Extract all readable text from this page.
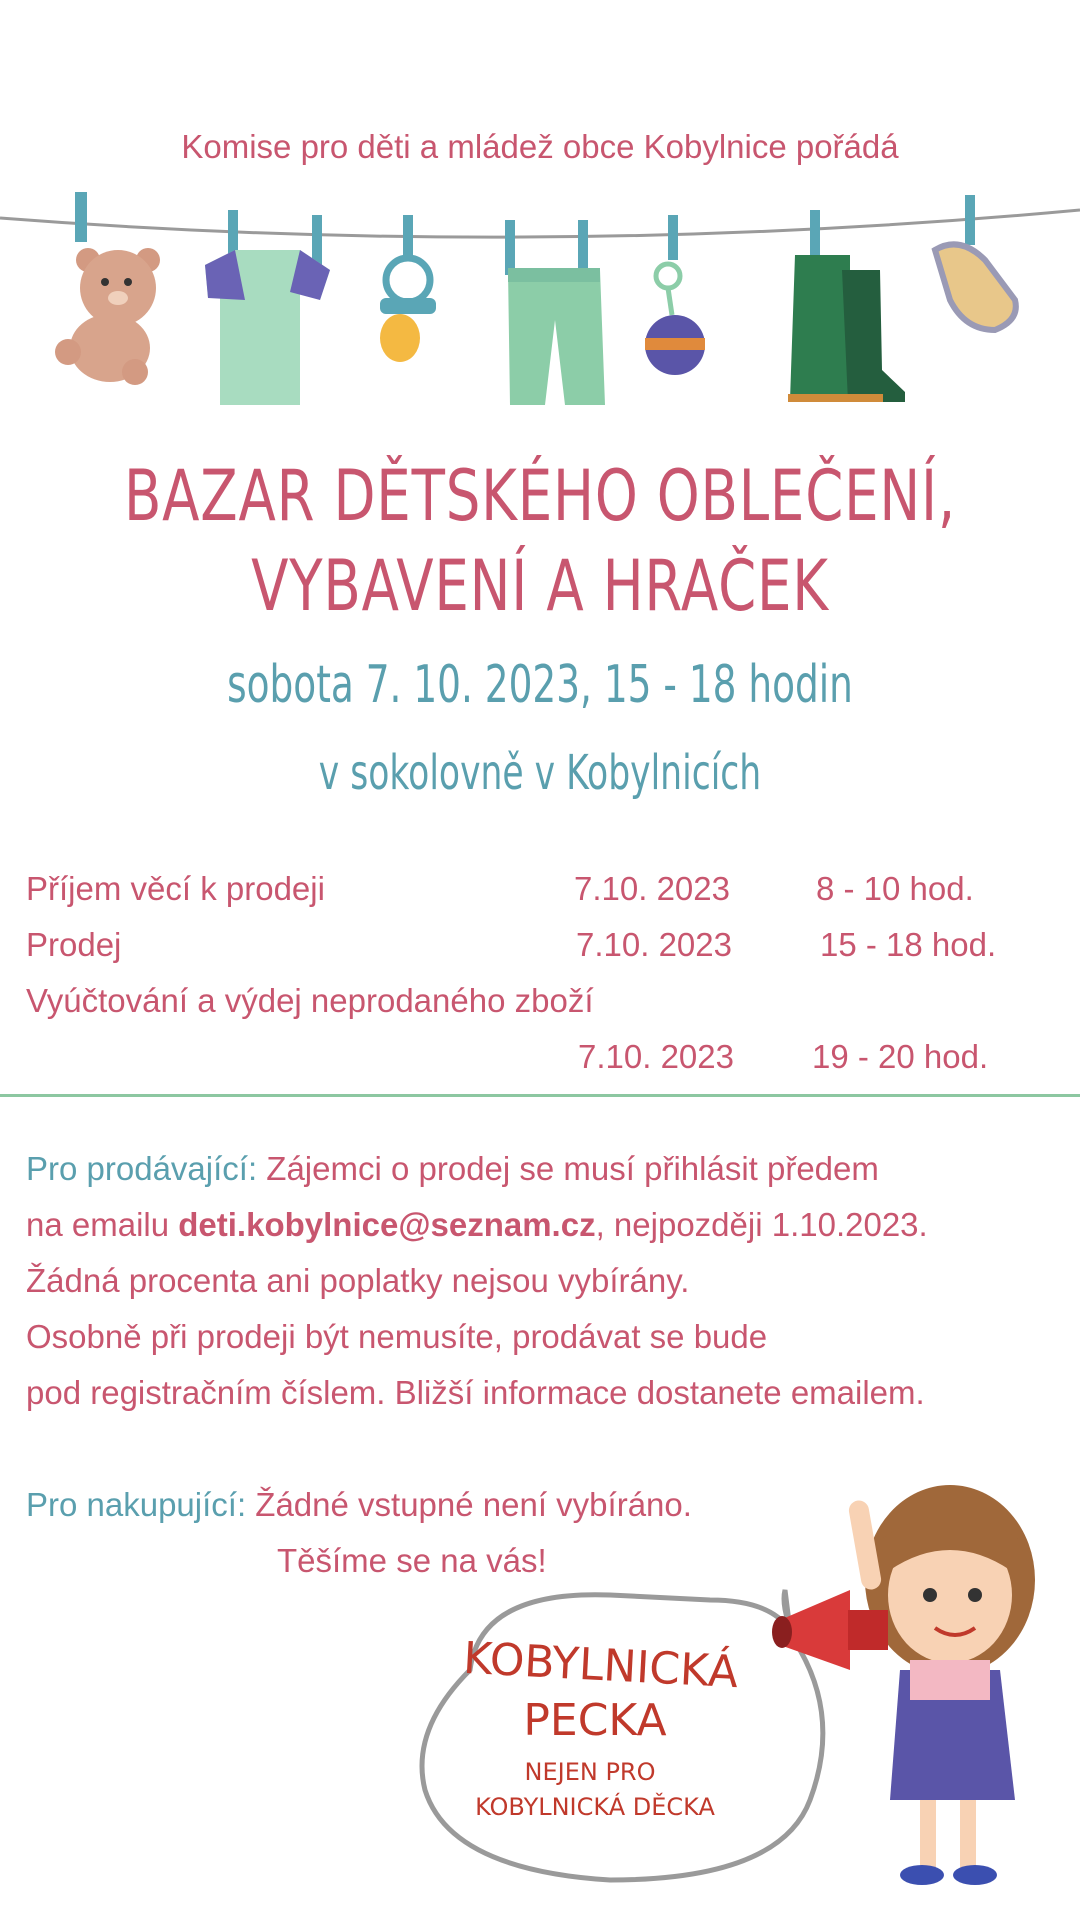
Komise pro děti a mládež obce Kobylnice pořádá
BAZAR DĚTSKÉHO OBLEČENÍ,
VYBAVENÍ A HRAČEK
sobota 7. 10. 2023, 15 - 18 hodin
v sokolovně v Kobylnicích
Příjem věcí k prodeji	7.10. 2023	8 - 10 hod.
Prodej	7.10. 2023	15 - 18 hod.
Vyúčtování a výdej neprodaného zboží
7.10. 2023 19 - 20 hod.
Pro prodávající: Zájemci o prodej se musí přihlásit předem
na emailu deti.kobylnice@seznam.cz, nejpozději 1.10.2023.
Žádná procenta ani poplatky nejsou vybírány.
Osobně při prodeji být nemusíte, prodávat se bude
pod registračním číslem. Bližší informace dostanete emailem.
Pro nakupující: Žádné vstupné není vybíráno.
Těšíme se na vás!
KOBYLNICKÁ
PECKA
NEJEN PRO
KOBYLNICKÁ DĚCKA
